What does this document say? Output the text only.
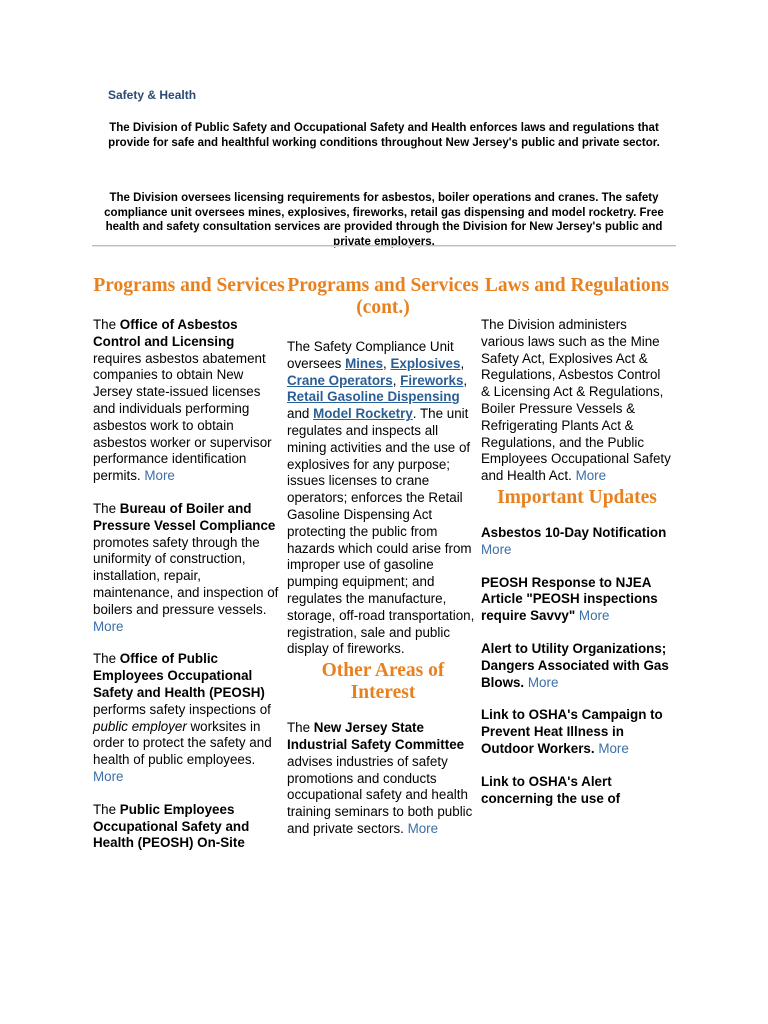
Safety & Health

The Division of Public Safety and Occupational Safety and Health enforces laws and regulations that provide for safe and healthful working conditions throughout New Jersey's public and private sector.

The Division oversees licensing requirements for asbestos, boiler operations and cranes. The safety compliance unit oversees mines, explosives, fireworks, retail gas dispensing and model rocketry. Free health and safety consultation services are provided through the Division for New Jersey's public and private employers.

Programs and Services

The Office of Asbestos Control and Licensing requires asbestos abatement companies to obtain New Jersey state-issued licenses and individuals performing asbestos work to obtain asbestos worker or supervisor performance identification permits. More

The Bureau of Boiler and Pressure Vessel Compliance promotes safety through the uniformity of construction, installation, repair, maintenance, and inspection of boilers and pressure vessels. More

The Office of Public Employees Occupational Safety and Health (PEOSH) performs safety inspections of public employer worksites in order to protect the safety and health of public employees. More

The Public Employees Occupational Safety and Health (PEOSH) On-Site

Programs and Services (cont.)

The Safety Compliance Unit oversees Mines, Explosives, Crane Operators, Fireworks, Retail Gasoline Dispensing and Model Rocketry. The unit regulates and inspects all mining activities and the use of explosives for any purpose; issues licenses to crane operators; enforces the Retail Gasoline Dispensing Act protecting the public from hazards which could arise from improper use of gasoline pumping equipment; and regulates the manufacture, storage, off-road transportation, registration, sale and public display of fireworks.

Other Areas of Interest

The New Jersey State Industrial Safety Committee advises industries of safety promotions and conducts occupational safety and health training seminars to both public and private sectors. More

Laws and Regulations

The Division administers various laws such as the Mine Safety Act, Explosives Act & Regulations, Asbestos Control & Licensing Act & Regulations, Boiler Pressure Vessels & Refrigerating Plants Act & Regulations, and the Public Employees Occupational Safety and Health Act. More

Important Updates

Asbestos 10-Day Notification More

PEOSH Response to NJEA Article "PEOSH inspections require Savvy" More

Alert to Utility Organizations; Dangers Associated with Gas Blows. More

Link to OSHA's Campaign to Prevent Heat Illness in Outdoor Workers. More

Link to OSHA's Alert concerning the use of
